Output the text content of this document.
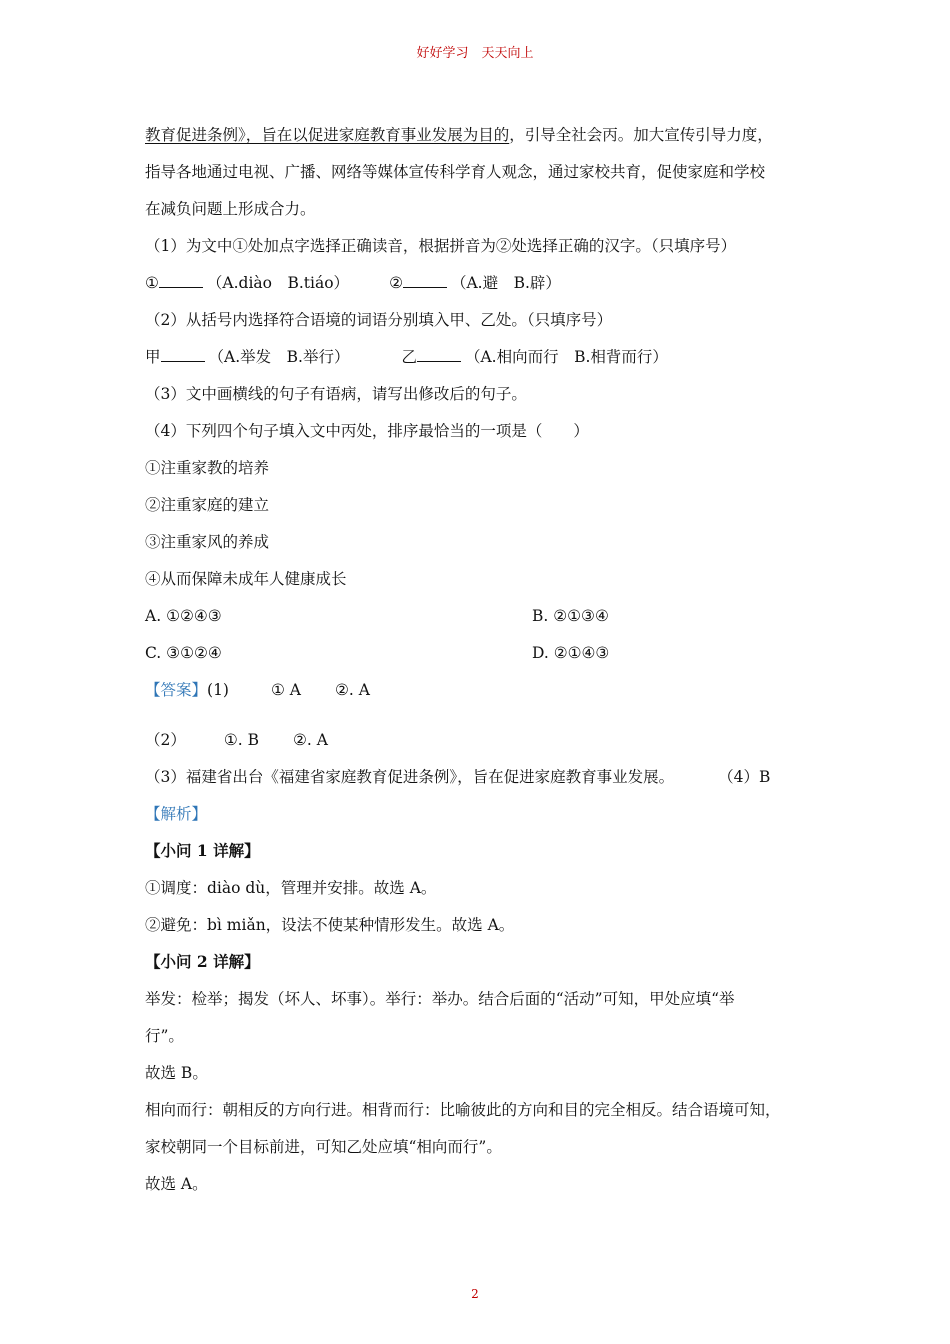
好好学习　天天向上
教育促进条例》，旨在以促进家庭教育事业发展为目的，引导全社会丙。加大宣传引导力度，
指导各地通过电视、广播、网络等媒体宣传科学育人观念，通过家校共育，促使家庭和学校
在减负问题上形成合力。
（1）为文中①处加点字选择正确读音，根据拼音为②处选择正确的汉字。（只填序号）
①	（A.diào　B.tiáo）	②	（A.避　B.辟）
（2）从括号内选择符合语境的词语分别填入甲、乙处。（只填序号）
甲	（A.举发　B.举行）	乙	（A.相向而行　B.相背而行）
（3）文中画横线的句子有语病，请写出修改后的句子。
（4）下列四个句子填入文中丙处，排序最恰当的一项是（　　）
①注重家教的培养
②注重家庭的建立
③注重家风的养成
④从而保障未成年人健康成长
A. ①②④③	B. ②①③④
C. ③①②④	D. ②①④③
【答案】(1)	① A ②. A
（2） ①. B ②. A
（3）福建省出台《福建省家庭教育促进条例》，旨在促进家庭教育事业发展。	（4）B
【解析】
【小问 1 详解】
①调度：diào dù，管理并安排。故选 A。
②避免：bì miǎn，设法不使某种情形发生。故选 A。
【小问 2 详解】
举发：检举；揭发（坏人、坏事）。举行：举办。结合后面的“活动”可知，甲处应填“举
行”。
故选 B。
相向而行：朝相反的方向行进。相背而行：比喻彼此的方向和目的完全相反。结合语境可知，
家校朝同一个目标前进，可知乙处应填“相向而行”。
故选 A。
2
